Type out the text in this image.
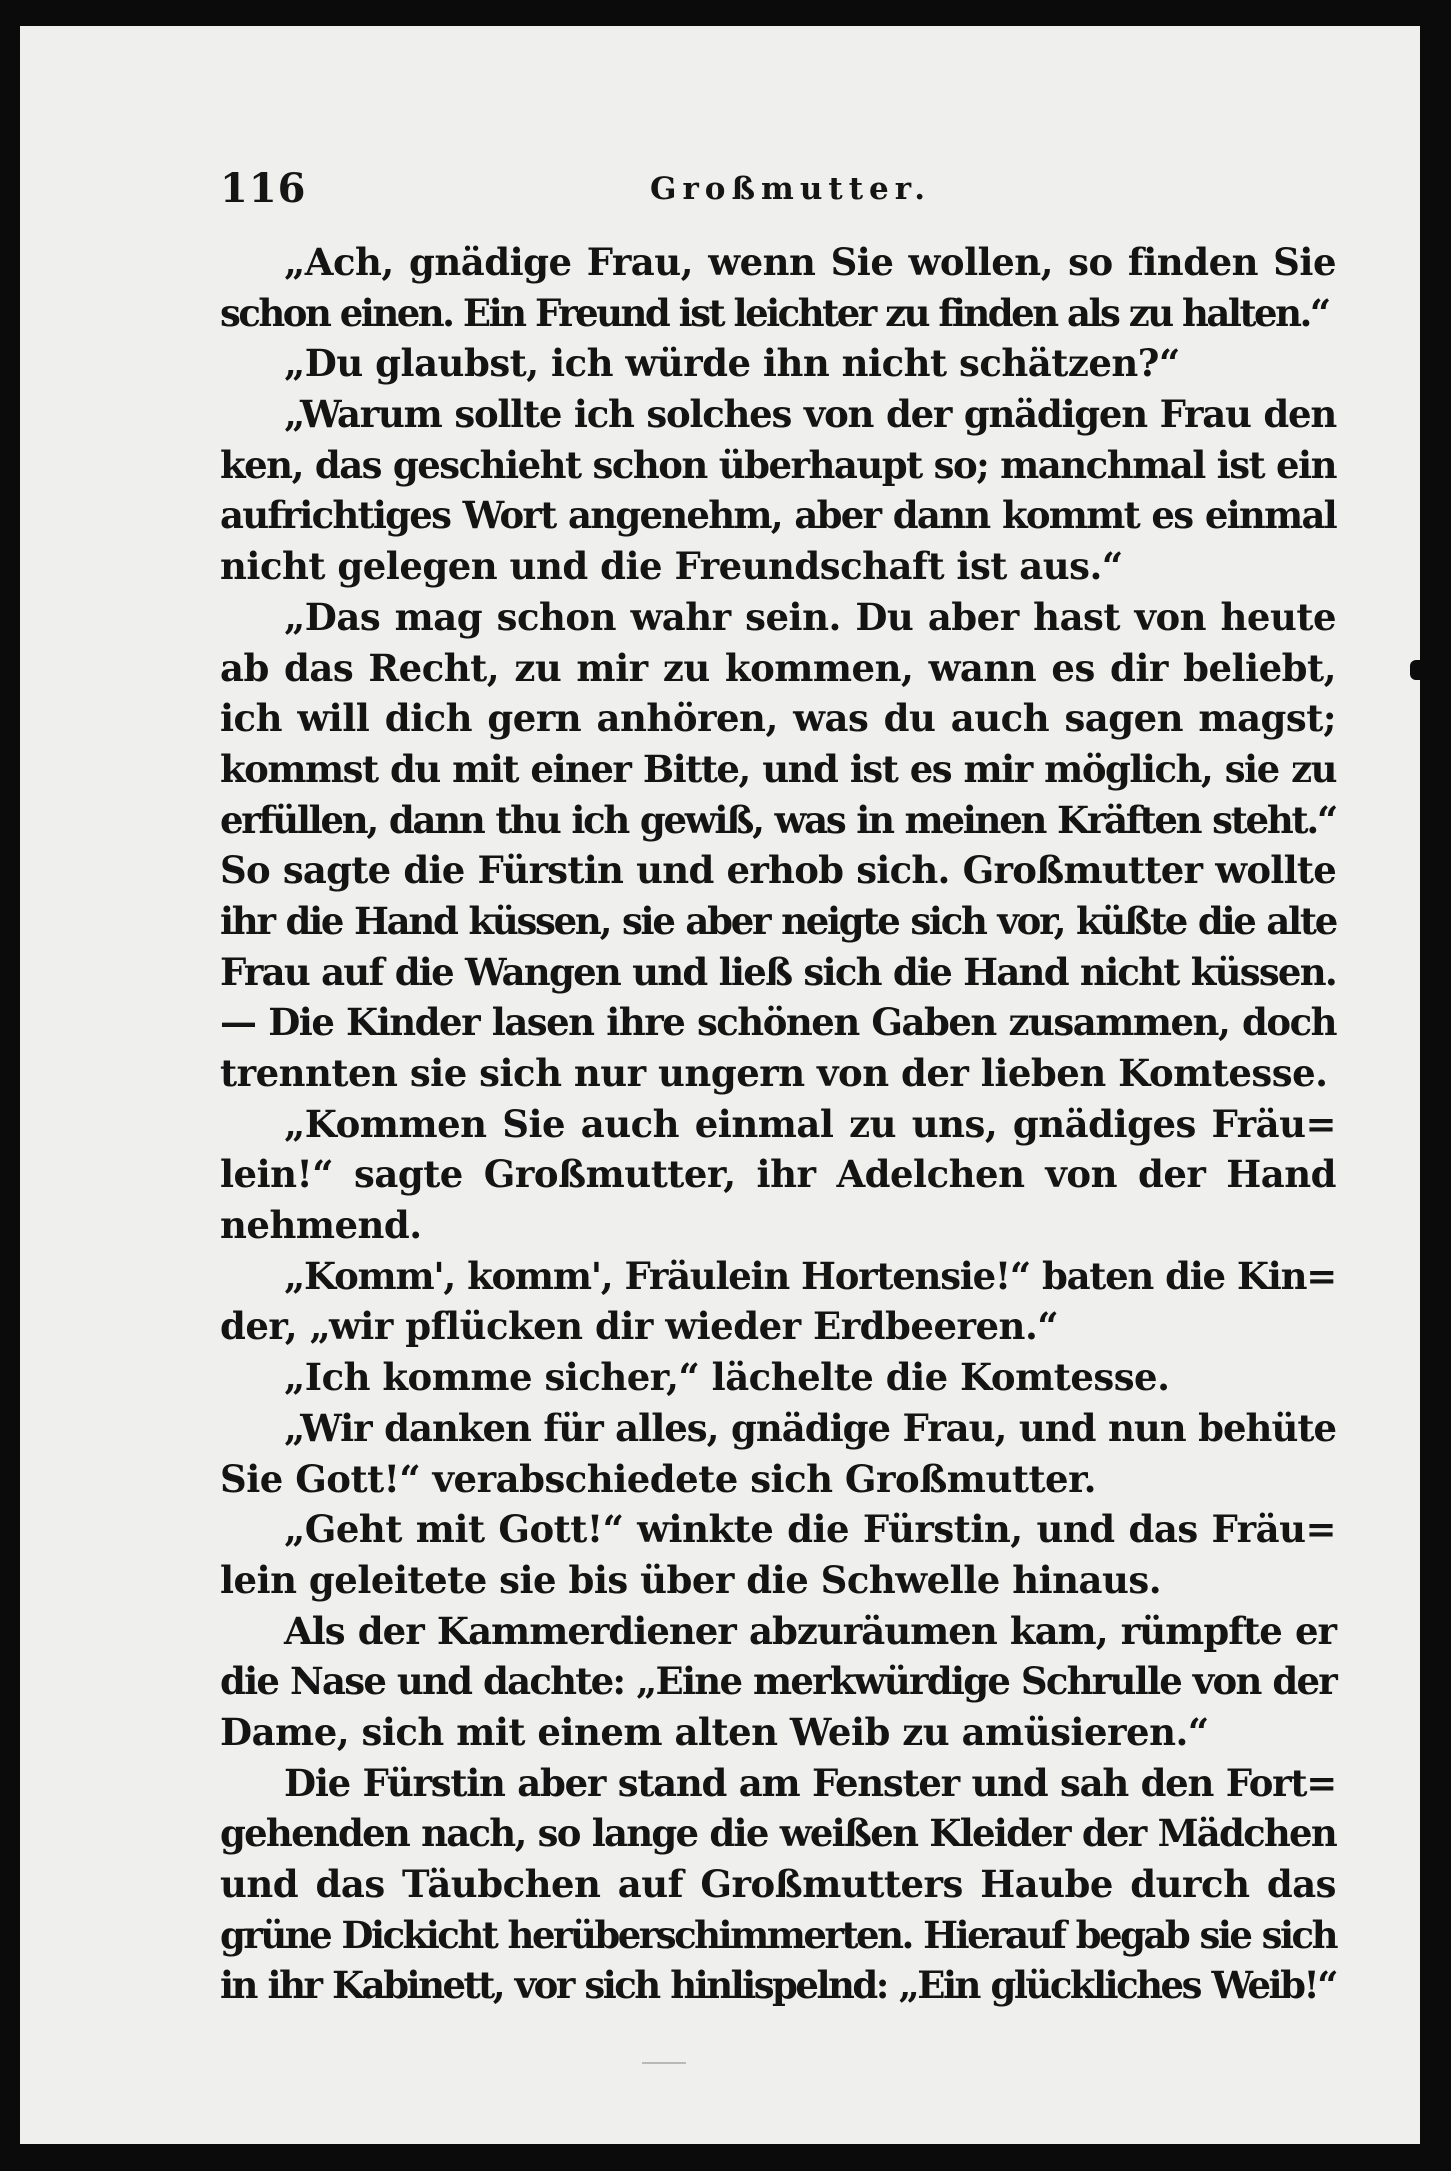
116	Großmutter.
„Ach, gnädige Frau, wenn Sie wollen, so finden Sie
schon einen. Ein Freund ist leichter zu finden als zu halten.“
„Du glaubst, ich würde ihn nicht schätzen?“
„Warum sollte ich solches von der gnädigen Frau den
ken, das geschieht schon überhaupt so; manchmal ist ein
aufrichtiges Wort angenehm, aber dann kommt es einmal
nicht gelegen und die Freundschaft ist aus.“
„Das mag schon wahr sein. Du aber hast von heute
ab das Recht, zu mir zu kommen, wann es dir beliebt,
ich will dich gern anhören, was du auch sagen magst;
kommst du mit einer Bitte, und ist es mir möglich, sie zu
erfüllen, dann thu ich gewiß, was in meinen Kräften steht.“
So sagte die Fürstin und erhob sich. Großmutter wollte
ihr die Hand küssen, sie aber neigte sich vor, küßte die alte
Frau auf die Wangen und ließ sich die Hand nicht küssen.
— Die Kinder lasen ihre schönen Gaben zusammen, doch
trennten sie sich nur ungern von der lieben Komtesse.
„Kommen Sie auch einmal zu uns, gnädiges Fräu=
lein!“ sagte Großmutter, ihr Adelchen von der Hand
nehmend.
„Komm', komm', Fräulein Hortensie!“ baten die Kin=
der, „wir pflücken dir wieder Erdbeeren.“
„Ich komme sicher,“ lächelte die Komtesse.
„Wir danken für alles, gnädige Frau, und nun behüte
Sie Gott!“ verabschiedete sich Großmutter.
„Geht mit Gott!“ winkte die Fürstin, und das Fräu=
lein geleitete sie bis über die Schwelle hinaus.
Als der Kammerdiener abzuräumen kam, rümpfte er
die Nase und dachte: „Eine merkwürdige Schrulle von der
Dame, sich mit einem alten Weib zu amüsieren.“
Die Fürstin aber stand am Fenster und sah den Fort=
gehenden nach, so lange die weißen Kleider der Mädchen
und das Täubchen auf Großmutters Haube durch das
grüne Dickicht herüberschimmerten. Hierauf begab sie sich
in ihr Kabinett, vor sich hinlispelnd: „Ein glückliches Weib!“
